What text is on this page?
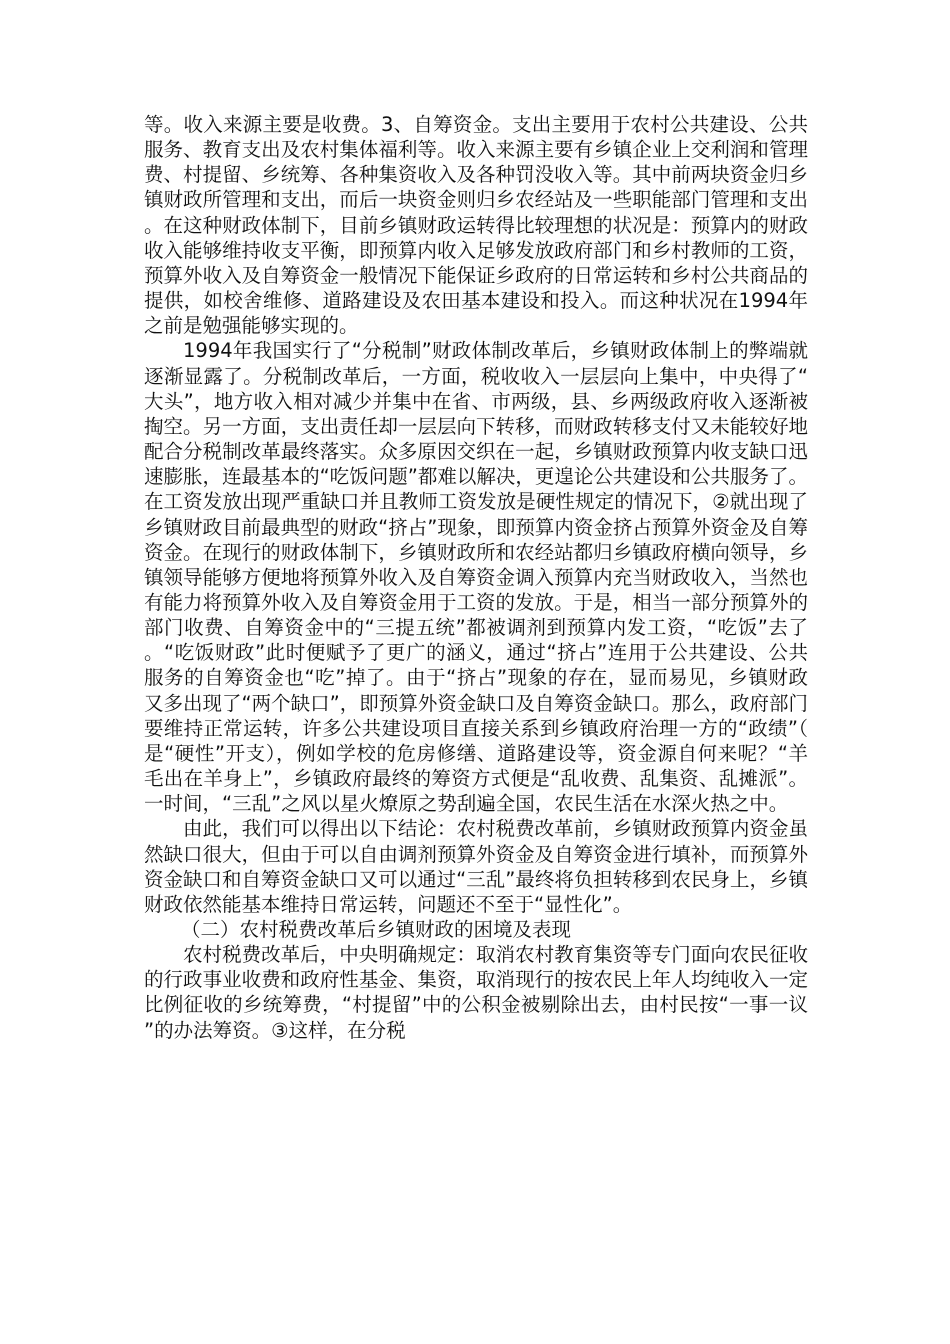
等。收入来源主要是收费。3、自筹资金。支出主要用于农村公共建设、公共服务、教育支出及农村集体福利等。收入来源主要有乡镇企业上交利润和管理费、村提留、乡统筹、各种集资收入及各种罚没收入等。其中前两块资金归乡镇财政所管理和支出，而后一块资金则归乡农经站及一些职能部门管理和支出。在这种财政体制下，目前乡镇财政运转得比较理想的状况是：预算内的财政收入能够维持收支平衡，即预算内收入足够发放政府部门和乡村教师的工资，预算外收入及自筹资金一般情况下能保证乡政府的日常运转和乡村公共商品的提供，如校舍维修、道路建设及农田基本建设和投入。而这种状况在1994年之前是勉强能够实现的。

1994年我国实行了“分税制”财政体制改革后，乡镇财政体制上的弊端就逐渐显露了。分税制改革后，一方面，税收收入一层层向上集中，中央得了“大头”，地方收入相对减少并集中在省、市两级，县、乡两级政府收入逐渐被掏空。另一方面，支出责任却一层层向下转移，而财政转移支付又未能较好地配合分税制改革最终落实。众多原因交织在一起，乡镇财政预算内收支缺口迅速膨胀，连最基本的“吃饭问题”都难以解决，更遑论公共建设和公共服务了。在工资发放出现严重缺口并且教师工资发放是硬性规定的情况下，②就出现了乡镇财政目前最典型的财政“挤占”现象，即预算内资金挤占预算外资金及自筹资金。在现行的财政体制下，乡镇财政所和农经站都归乡镇政府横向领导，乡镇领导能够方便地将预算外收入及自筹资金调入预算内充当财政收入，当然也有能力将预算外收入及自筹资金用于工资的发放。于是，相当一部分预算外的部门收费、自筹资金中的“三提五统”都被调剂到预算内发工资，“吃饭”去了。“吃饭财政”此时便赋予了更广的涵义，通过“挤占”连用于公共建设、公共服务的自筹资金也“吃”掉了。由于“挤占”现象的存在，显而易见，乡镇财政又多出现了“两个缺口”，即预算外资金缺口及自筹资金缺口。那么，政府部门要维持正常运转，许多公共建设项目直接关系到乡镇政府治理一方的“政绩”（是“硬性”开支），例如学校的危房修缮、道路建设等，资金源自何来呢？“羊毛出在羊身上”，乡镇政府最终的筹资方式便是“乱收费、乱集资、乱摊派”。一时间，“三乱”之风以星火燎原之势刮遍全国，农民生活在水深火热之中。

由此，我们可以得出以下结论：农村税费改革前，乡镇财政预算内资金虽然缺口很大，但由于可以自由调剂预算外资金及自筹资金进行填补，而预算外资金缺口和自筹资金缺口又可以通过“三乱”最终将负担转移到农民身上，乡镇财政依然能基本维持日常运转，问题还不至于“显性化”。

（二）农村税费改革后乡镇财政的困境及表现

农村税费改革后，中央明确规定：取消农村教育集资等专门面向农民征收的行政事业收费和政府性基金、集资，取消现行的按农民上年人均纯收入一定比例征收的乡统筹费，“村提留”中的公积金被剔除出去，由村民按“一事一议”的办法筹资。③这样，在分税
